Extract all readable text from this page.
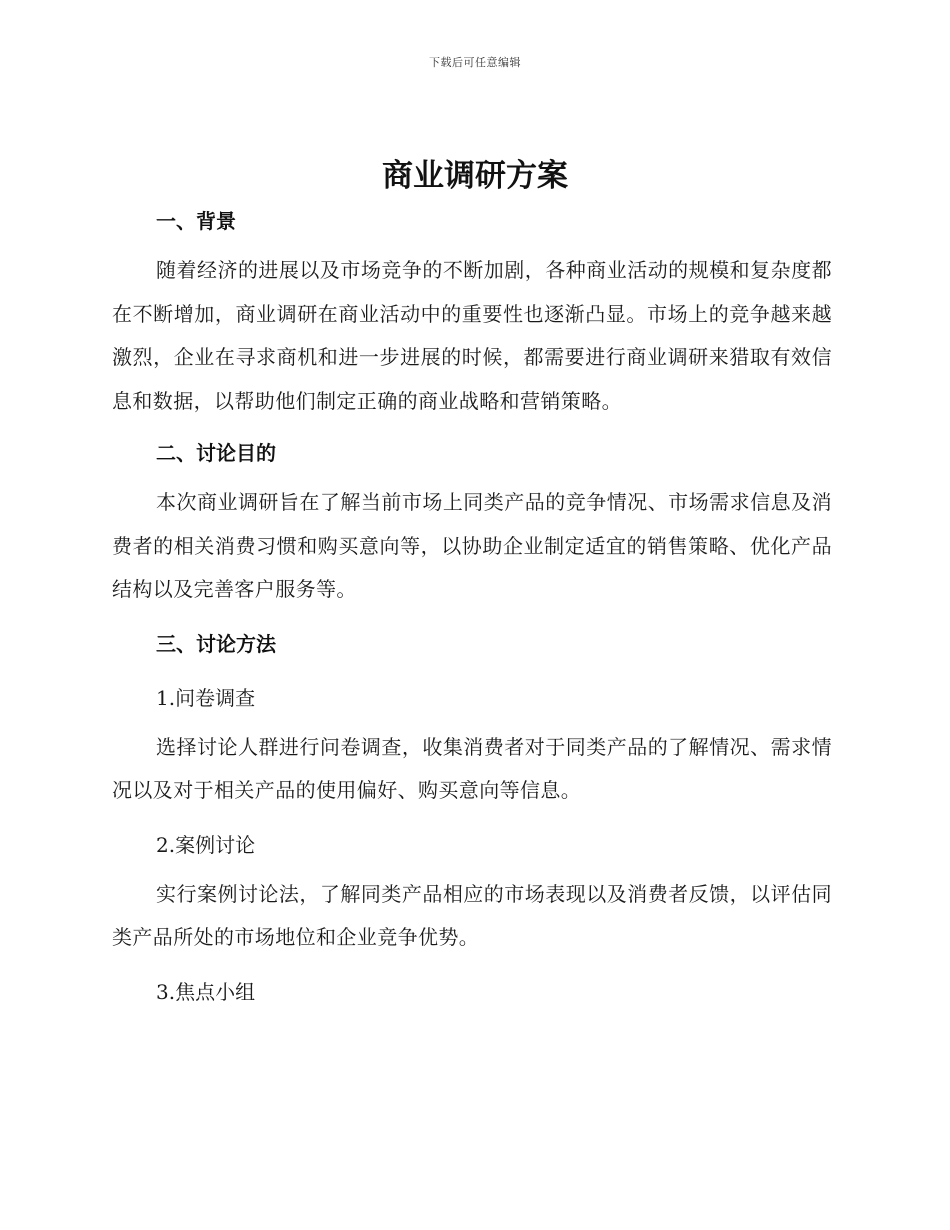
下载后可任意编辑
商业调研方案
一、背景

随着经济的进展以及市场竞争的不断加剧，各种商业活动的规模和复杂度都在不断增加，商业调研在商业活动中的重要性也逐渐凸显。市场上的竞争越来越激烈，企业在寻求商机和进一步进展的时候，都需要进行商业调研来猎取有效信息和数据，以帮助他们制定正确的商业战略和营销策略。

二、讨论目的

本次商业调研旨在了解当前市场上同类产品的竞争情况、市场需求信息及消费者的相关消费习惯和购买意向等，以协助企业制定适宜的销售策略、优化产品结构以及完善客户服务等。

三、讨论方法

1.问卷调查

选择讨论人群进行问卷调查，收集消费者对于同类产品的了解情况、需求情况以及对于相关产品的使用偏好、购买意向等信息。

2.案例讨论

实行案例讨论法，了解同类产品相应的市场表现以及消费者反馈，以评估同类产品所处的市场地位和企业竞争优势。

3.焦点小组
